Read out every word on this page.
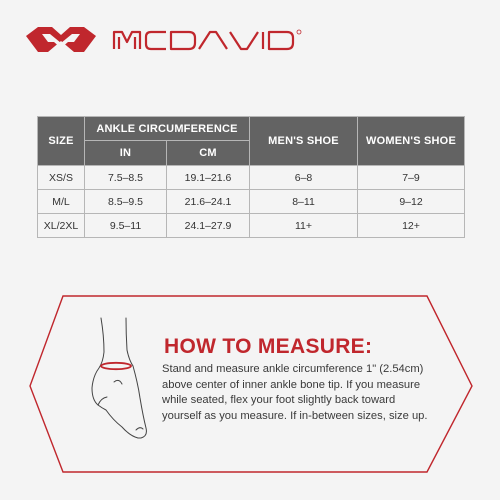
SIZE	ANKLE CIRCUMFERENCE		MEN'S SHOE	WOMEN'S SHOE
	IN	CM		
XS/S	7.5–8.5	19.1–21.6	6–8	7–9
M/L	8.5–9.5	21.6–24.1	8–11	9–12
XL/2XL	9.5–11	24.1–27.9	11+	12+
HOW TO MEASURE:

Stand and measure ankle circumference 1" (2.54cm) above center of inner ankle bone tip. If you measure while seated, flex your foot slightly back toward yourself as you measure. If in-between sizes, size up.
